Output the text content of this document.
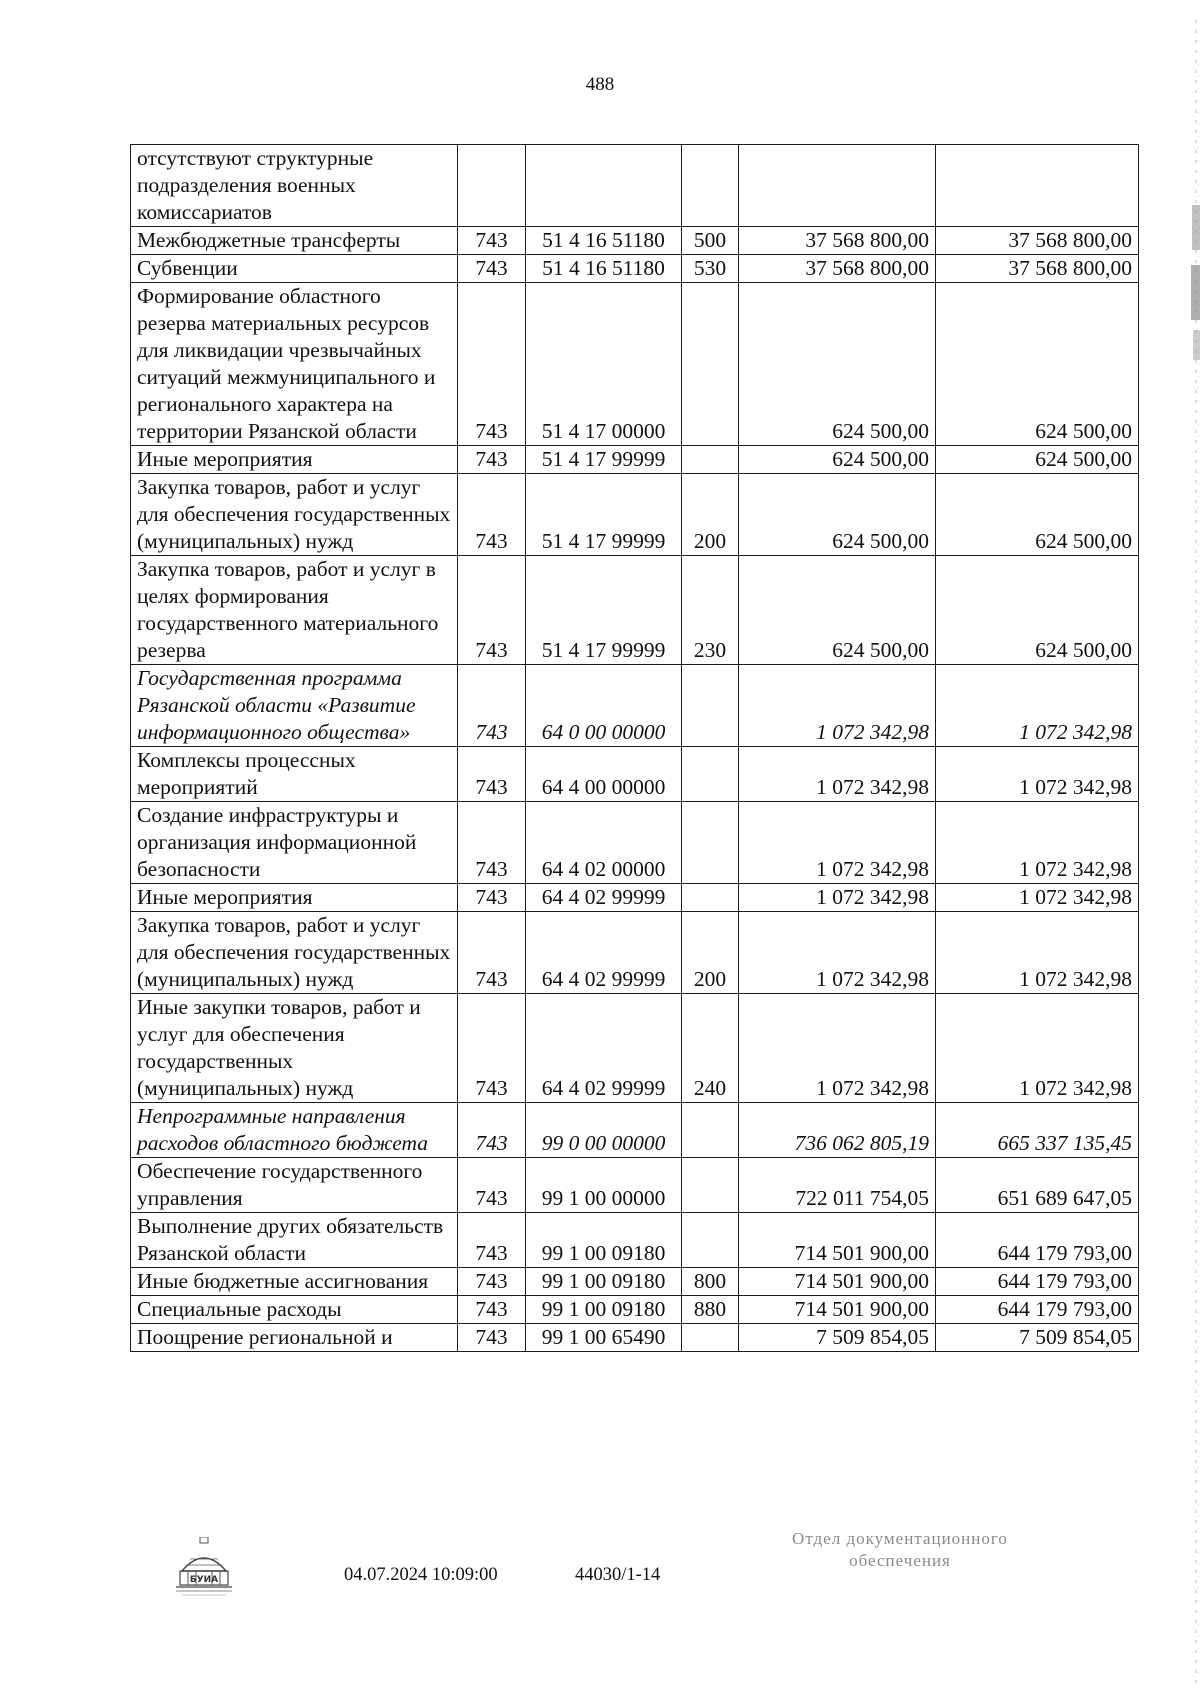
488
отсутствуют структурные подразделения военных комиссариатов					
Межбюджетные трансферты	743	51 4 16 51180	500	37 568 800,00	37 568 800,00
Субвенции	743	51 4 16 51180	530	37 568 800,00	37 568 800,00
Формирование областного резерва материальных ресурсов для ликвидации чрезвычайных ситуаций межмуниципального и регионального характера на территории Рязанской области	743	51 4 17 00000		624 500,00	624 500,00
Иные мероприятия	743	51 4 17 99999		624 500,00	624 500,00
Закупка товаров, работ и услуг для обеспечения государственных (муниципальных) нужд	743	51 4 17 99999	200	624 500,00	624 500,00
Закупка товаров, работ и услуг в целях формирования государственного материального резерва	743	51 4 17 99999	230	624 500,00	624 500,00
Государственная программа Рязанской области «Развитие информационного общества»	743	64 0 00 00000		1 072 342,98	1 072 342,98
Комплексы процессных мероприятий	743	64 4 00 00000		1 072 342,98	1 072 342,98
Создание инфраструктуры и организация информационной безопасности	743	64 4 02 00000		1 072 342,98	1 072 342,98
Иные мероприятия	743	64 4 02 99999		1 072 342,98	1 072 342,98
Закупка товаров, работ и услуг для обеспечения государственных (муниципальных) нужд	743	64 4 02 99999	200	1 072 342,98	1 072 342,98
Иные закупки товаров, работ и услуг для обеспечения государственных (муниципальных) нужд	743	64 4 02 99999	240	1 072 342,98	1 072 342,98
Непрограммные направления расходов областного бюджета	743	99 0 00 00000		736 062 805,19	665 337 135,45
Обеспечение государственного управления	743	99 1 00 00000		722 011 754,05	651 689 647,05
Выполнение других обязательств Рязанской области	743	99 1 00 09180		714 501 900,00	644 179 793,00
Иные бюджетные ассигнования	743	99 1 00 09180	800	714 501 900,00	644 179 793,00
Специальные расходы	743	99 1 00 09180	880	714 501 900,00	644 179 793,00
Поощрение региональной и	743	99 1 00 65490		7 509 854,05	7 509 854,05
БУИА	04.07.2024 10:09:00	44030/1-14
Отдел документационного
обеспечения
